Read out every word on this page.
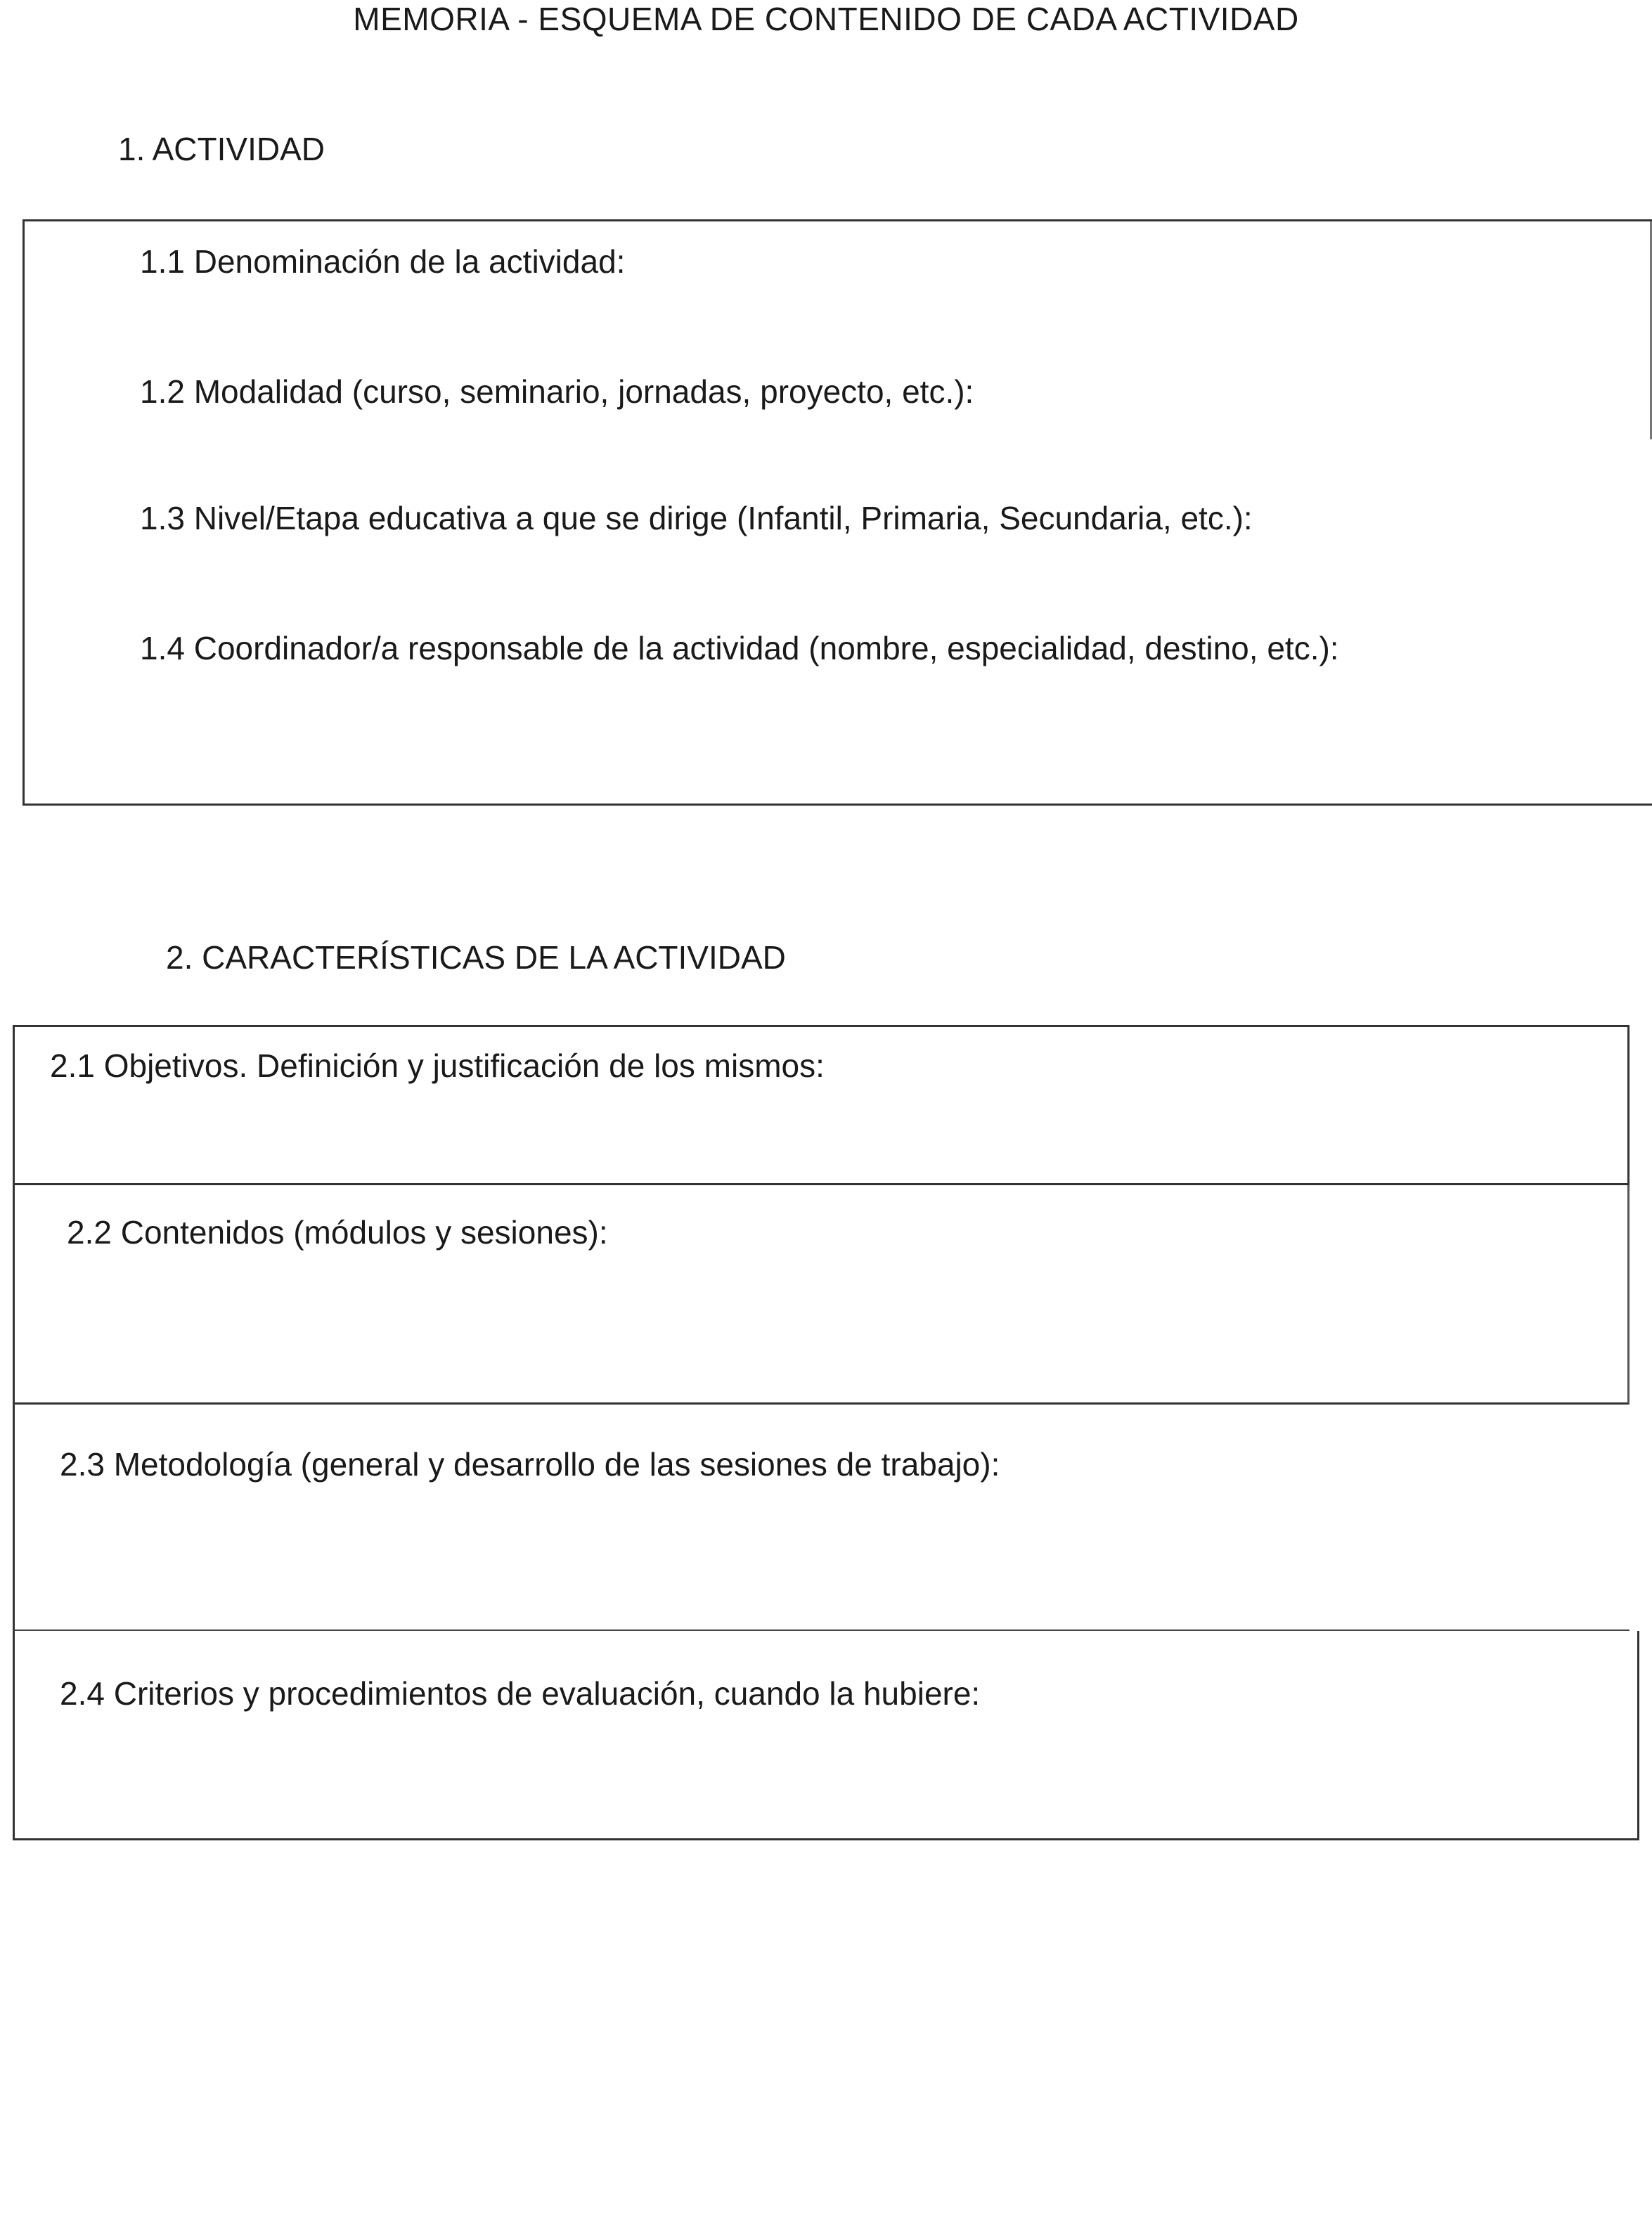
MEMORIA - ESQUEMA DE CONTENIDO DE CADA ACTIVIDAD
1. ACTIVIDAD
1.1 Denominación de la actividad:
1.2 Modalidad (curso, seminario, jornadas, proyecto, etc.):
1.3 Nivel/Etapa educativa a que se dirige (Infantil, Primaria, Secundaria, etc.):
1.4 Coordinador/a responsable de la actividad (nombre, especialidad, destino, etc.):
2. CARACTERÍSTICAS DE LA ACTIVIDAD
2.1 Objetivos. Definición y justificación de los mismos:
2.2 Contenidos (módulos y sesiones):
2.3 Metodología (general y desarrollo de las sesiones de trabajo):
2.4 Criterios y procedimientos de evaluación, cuando la hubiere:
